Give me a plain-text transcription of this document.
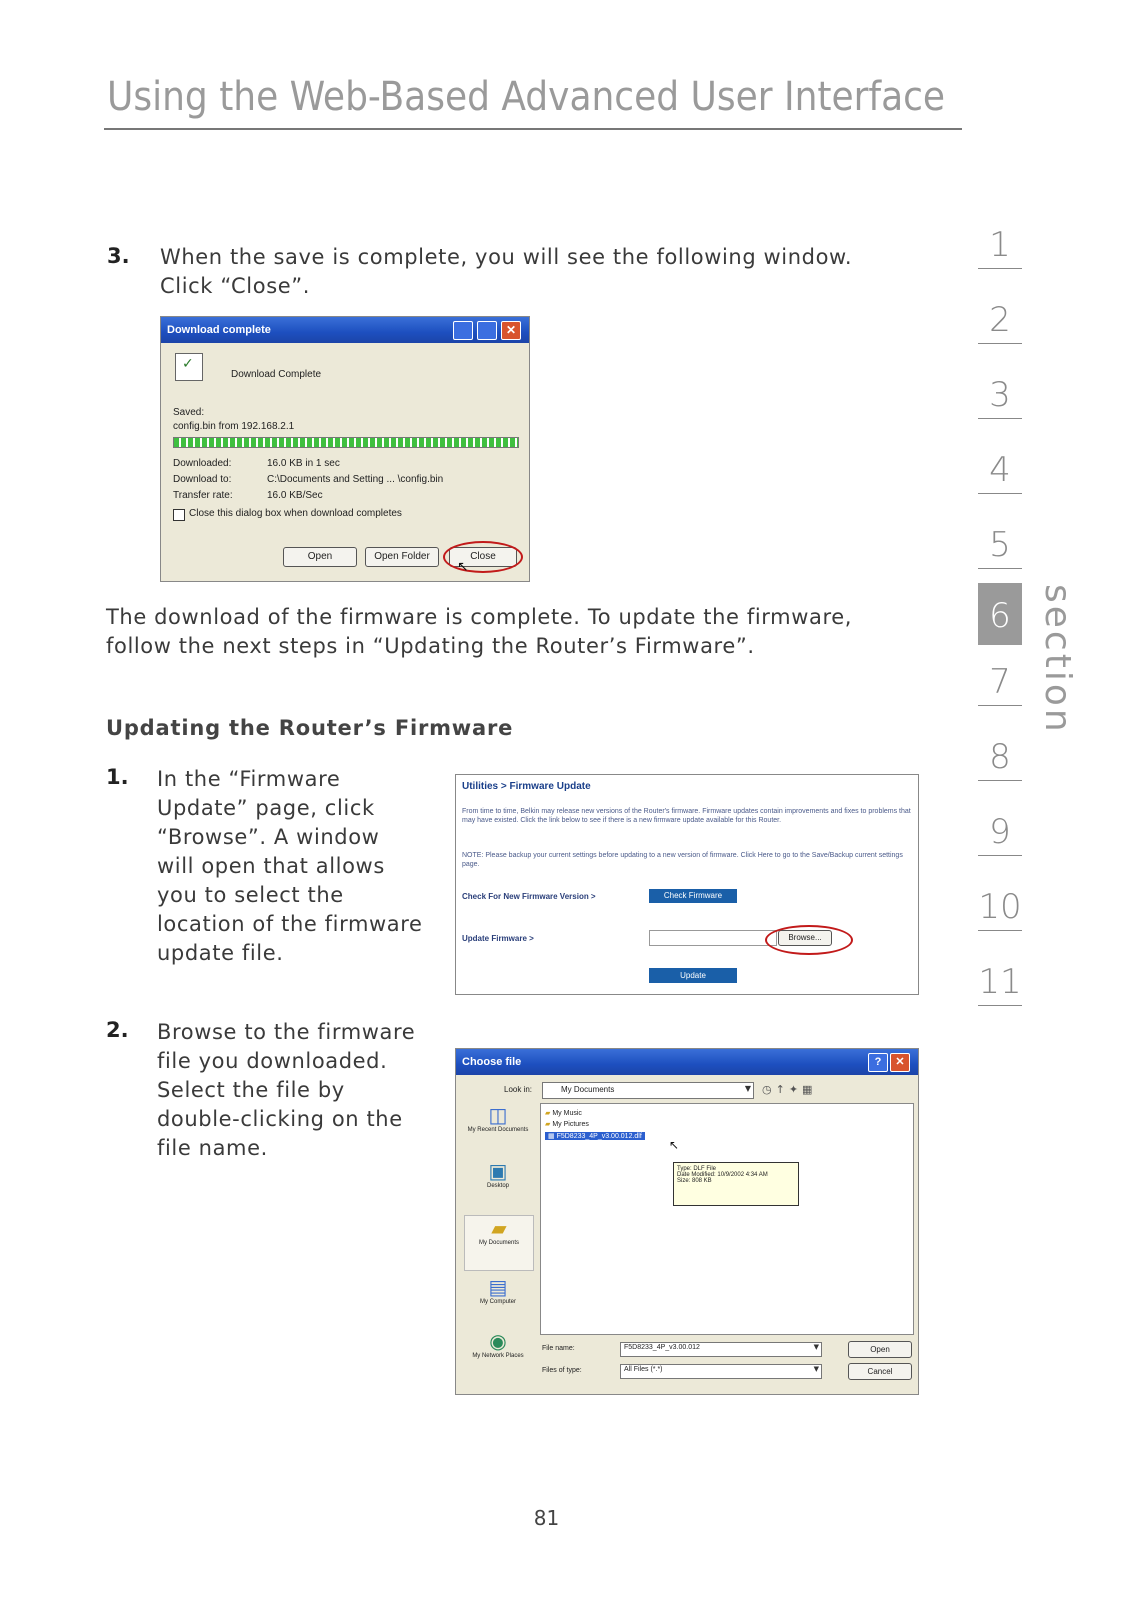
Using the Web-Based Advanced User Interface
3. When the save is complete, you will see the following window.
Click “Close”.
Download complete	✕
✓
Download Complete
Saved:
config.bin from 192.168.2.1
Downloaded:	16.0 KB in 1 sec
Download to:	C:\Documents and Setting ... \config.bin
Transfer rate:	16.0 KB/Sec
Close this dialog box when download completes
Open	Open Folder	Close
↖
The download of the firmware is complete. To update the firmware,
follow the next steps in “Updating the Router’s Firmware”.
Updating the Router’s Firmware
1. In the “Firmware
Update” page, click
“Browse”. A window
will open that allows
you to select the
location of the firmware
update file.
Utilities > Firmware Update
From time to time, Belkin may release new versions of the Router's firmware. Firmware updates contain improvements and fixes to problems that may have existed. Click the link below to see if there is a new firmware update available for this Router.
NOTE: Please backup your current settings before updating to a new version of firmware. Click Here to go to the Save/Backup current settings page.
Check For New Firmware Version >	Check Firmware
Update Firmware >	Browse...
Update
2. Browse to the firmware
file you downloaded.
Select the file by
double-clicking on the
file name.
Choose file	?	✕
Look in:	My Documents	▼ ◷↑✦▦
◫
My Recent Documents
▣
Desktop
▰
My Documents
▤
My Computer
◉
My Network Places
▰ My Music
▰ My Pictures
▦ F5D8233_4P_v3.00.012.dlf
↖
Type: DLF File
Date Modified: 10/9/2002 4:34 AM
Size: 808 KB
File name:	F5D8233_4P_v3.00.012	▼	Open
Files of type:	All Files (*.*)	▼	Cancel
1
2
3
4
5
6
7
8
9
10
11
section
81
